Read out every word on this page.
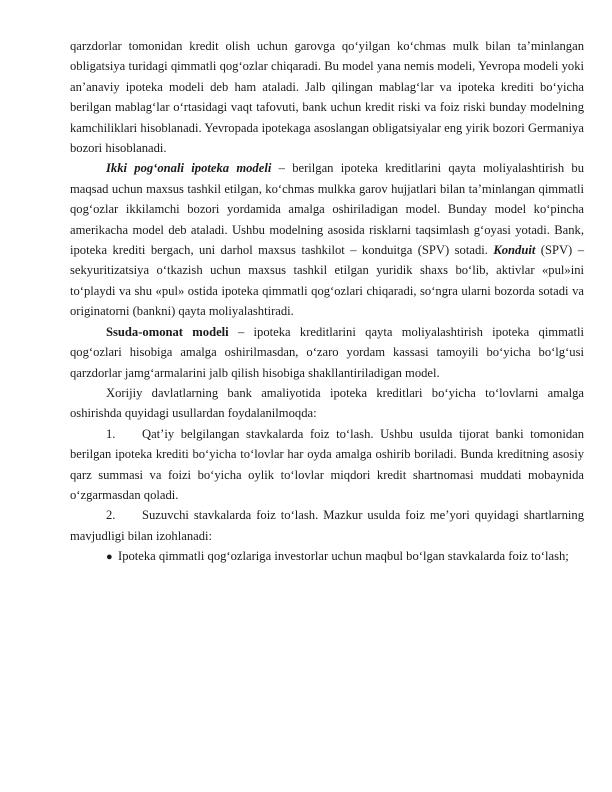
qarzdorlar tomonidan kredit olish uchun garovga qo‘yilgan ko‘chmas mulk bilan ta’minlangan obligatsiya turidagi qimmatli qog‘ozlar chiqaradi. Bu model yana nemis modeli, Yevropa modeli yoki an’anaviy ipoteka modeli deb ham ataladi. Jalb qilingan mablag‘lar va ipoteka krediti bo‘yicha berilgan mablag‘lar o‘rtasidagi vaqt tafovuti, bank uchun kredit riski va foiz riski bunday modelning kamchiliklari hisoblanadi. Yevropada ipotekaga asoslangan obligatsiyalar eng yirik bozori Germaniya bozori hisoblanadi.

Ikki pog‘onali ipoteka modeli – berilgan ipoteka kreditlarini qayta moliyalashtirish bu maqsad uchun maxsus tashkil etilgan, ko‘chmas mulkka garov hujjatlari bilan ta’minlangan qimmatli qog‘ozlar ikkilamchi bozori yordamida amalga oshiriladigan model. Bunday model ko‘pincha amerikacha model deb ataladi. Ushbu modelning asosida risklarni taqsimlash g‘oyasi yotadi. Bank, ipoteka krediti bergach, uni darhol maxsus tashkilot – konduitga (SPV) sotadi. Konduit (SPV) – sekyuritizatsiya o‘tkazish uchun maxsus tashkil etilgan yuridik shaxs bo‘lib, aktivlar «pul»ini to‘playdi va shu «pul» ostida ipoteka qimmatli qog‘ozlari chiqaradi, so‘ngra ularni bozorda sotadi va originatorni (bankni) qayta moliyalashtiradi.

Ssuda-omonat modeli – ipoteka kreditlarini qayta moliyalashtirish ipoteka qimmatli qog‘ozlari hisobiga amalga oshirilmasdan, o‘zaro yordam kassasi tamoyili bo‘yicha bo‘lg‘usi qarzdorlar jamg‘armalarini jalb qilish hisobiga shakllantiriladigan model.

Xorijiy davlatlarning bank amaliyotida ipoteka kreditlari bo‘yicha to‘lovlarni amalga oshirishda quyidagi usullardan foydalanilmoqda:

1. Qat’iy belgilangan stavkalarda foiz to‘lash. Ushbu usulda tijorat banki tomonidan berilgan ipoteka krediti bo‘yicha to‘lovlar har oyda amalga oshirib boriladi. Bunda kreditning asosiy qarz summasi va foizi bo‘yicha oylik to‘lovlar miqdori kredit shartnomasi muddati mobaynida o‘zgarmasdan qoladi.

2. Suzuvchi stavkalarda foiz to‘lash. Mazkur usulda foiz me’yori quyidagi shartlarning mavjudligi bilan izohlanadi:

● Ipoteka qimmatli qog‘ozlariga investorlar uchun maqbul bo‘lgan stavkalarda foiz to‘lash;
